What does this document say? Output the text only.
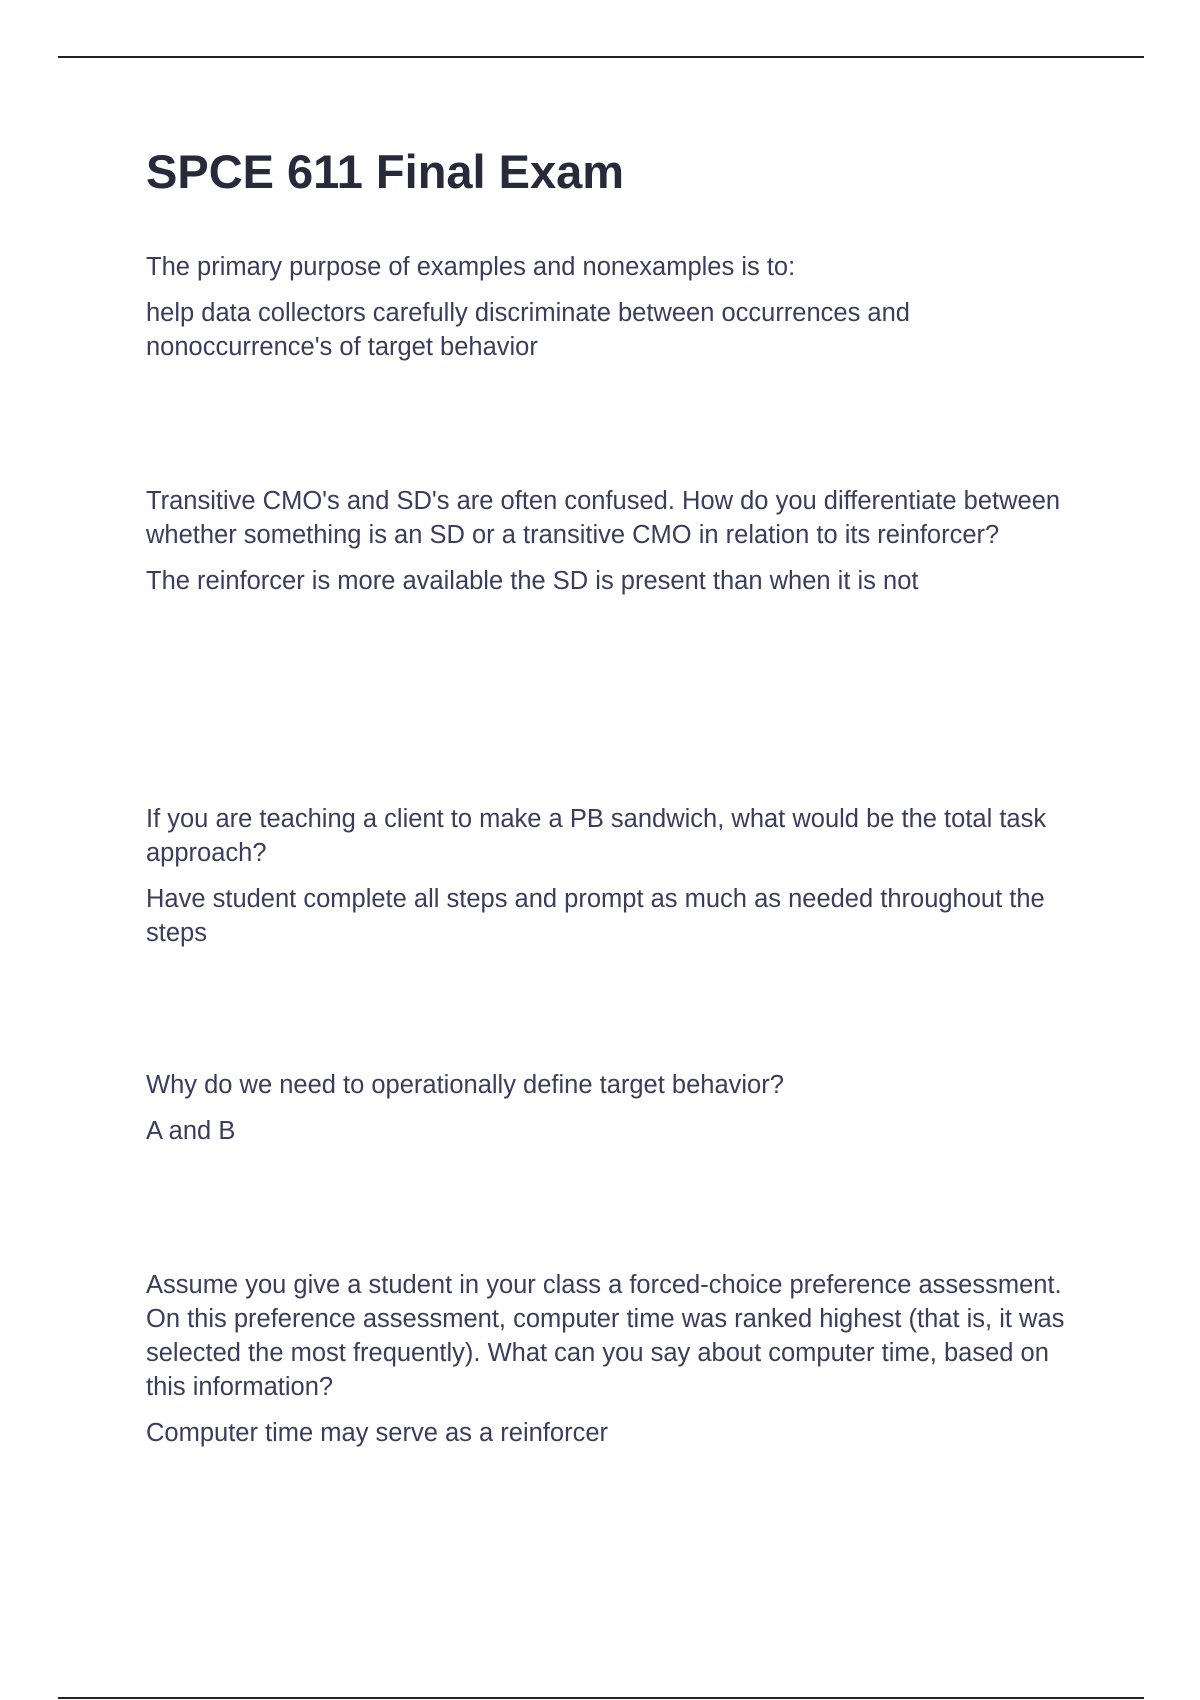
SPCE 611 Final Exam

The primary purpose of examples and nonexamples is to:

help data collectors carefully discriminate between occurrences and nonoccurrence's of target behavior

Transitive CMO's and SD's are often confused. How do you differentiate between whether something is an SD or a transitive CMO in relation to its reinforcer?

The reinforcer is more available the SD is present than when it is not

If you are teaching a client to make a PB sandwich, what would be the total task approach?

Have student complete all steps and prompt as much as needed throughout the steps

Why do we need to operationally define target behavior?

A and B

Assume you give a student in your class a forced-choice preference assessment. On this preference assessment, computer time was ranked highest (that is, it was selected the most frequently). What can you say about computer time, based on this information?

Computer time may serve as a reinforcer
